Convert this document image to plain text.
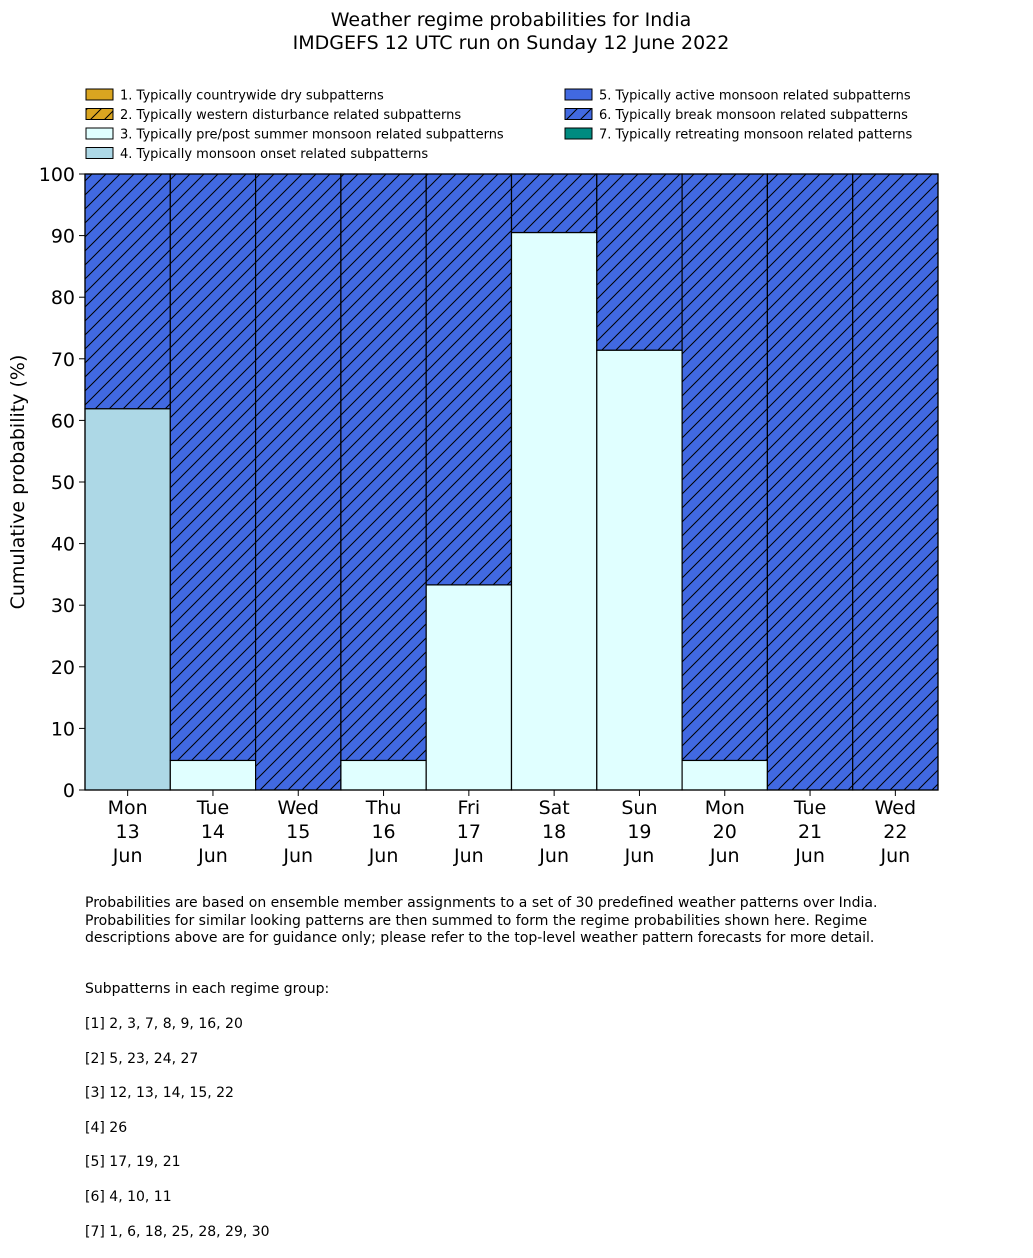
Weather regime probabilities for India
IMDGEFS 12 UTC run on Sunday 12 June 2022
1. Typically countrywide dry subpatterns
2. Typically western disturbance related subpatterns
3. Typically pre/post summer monsoon related subpatterns
4. Typically monsoon onset related subpatterns
5. Typically active monsoon related subpatterns
6. Typically break monsoon related subpatterns
7. Typically retreating monsoon related patterns
0
10
20
30
40
50
60
70
80
90
100
Mon
13
Jun
Tue
14
Jun
Wed
15
Jun
Thu
16
Jun
Fri
17
Jun
Sat
18
Jun
Sun
19
Jun
Mon
20
Jun
Tue
21
Jun
Wed
22
Jun
Cumulative probability (%)

Probabilities are based on ensemble member assignments to a set of 30 predefined weather patterns over India.
Probabilities for similar looking patterns are then summed to form the regime probabilities shown here. Regime
descriptions above are for guidance only; please refer to the top-level weather pattern forecasts for more detail.

Subpatterns in each regime group:

[1] 2, 3, 7, 8, 9, 16, 20

[2] 5, 23, 24, 27

[3] 12, 13, 14, 15, 22

[4] 26

[5] 17, 19, 21

[6] 4, 10, 11

[7] 1, 6, 18, 25, 28, 29, 30
